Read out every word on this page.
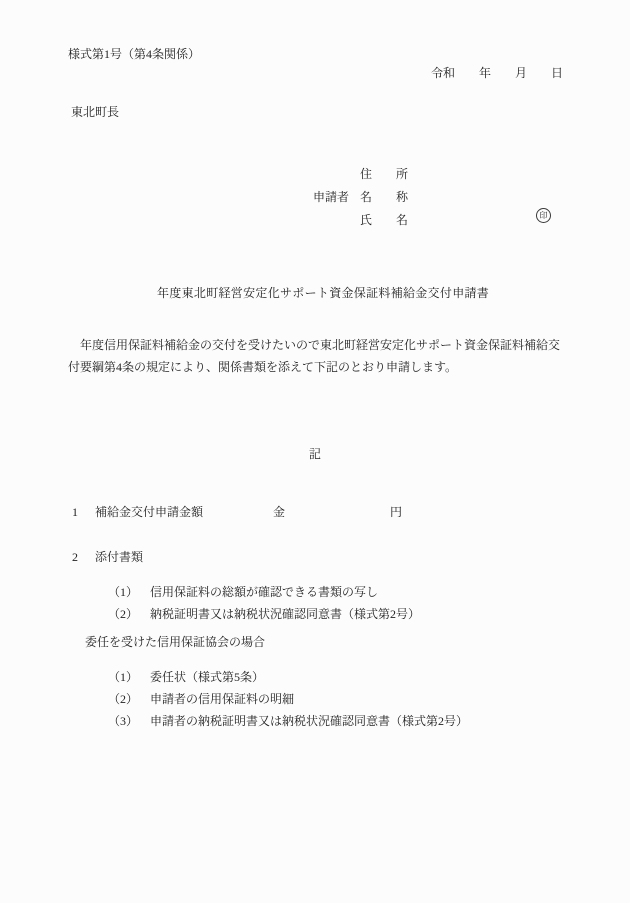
様式第1号（第4条関係）
令和　　年　　月　　日
東北町長
申請者
住　　所
名　　称
氏　　名	印
年度東北町経営安定化サポート資金保証料補給金交付申請書

　年度信用保証料補給金の交付を受けたいので東北町経営安定化サポート資金保証料補給交

付要綱第4条の規定により、関係書類を添えて下記のとおり申請します。

記
1 補給金交付申請金額	金	円
2 添付書類

（1） 信用保証料の総額が確認できる書類の写し

（2） 納税証明書又は納税状況確認同意書（様式第2号）

委任を受けた信用保証協会の場合

（1） 委任状（様式第5条）

（2） 申請者の信用保証料の明細

（3） 申請者の納税証明書又は納税状況確認同意書（様式第2号）
